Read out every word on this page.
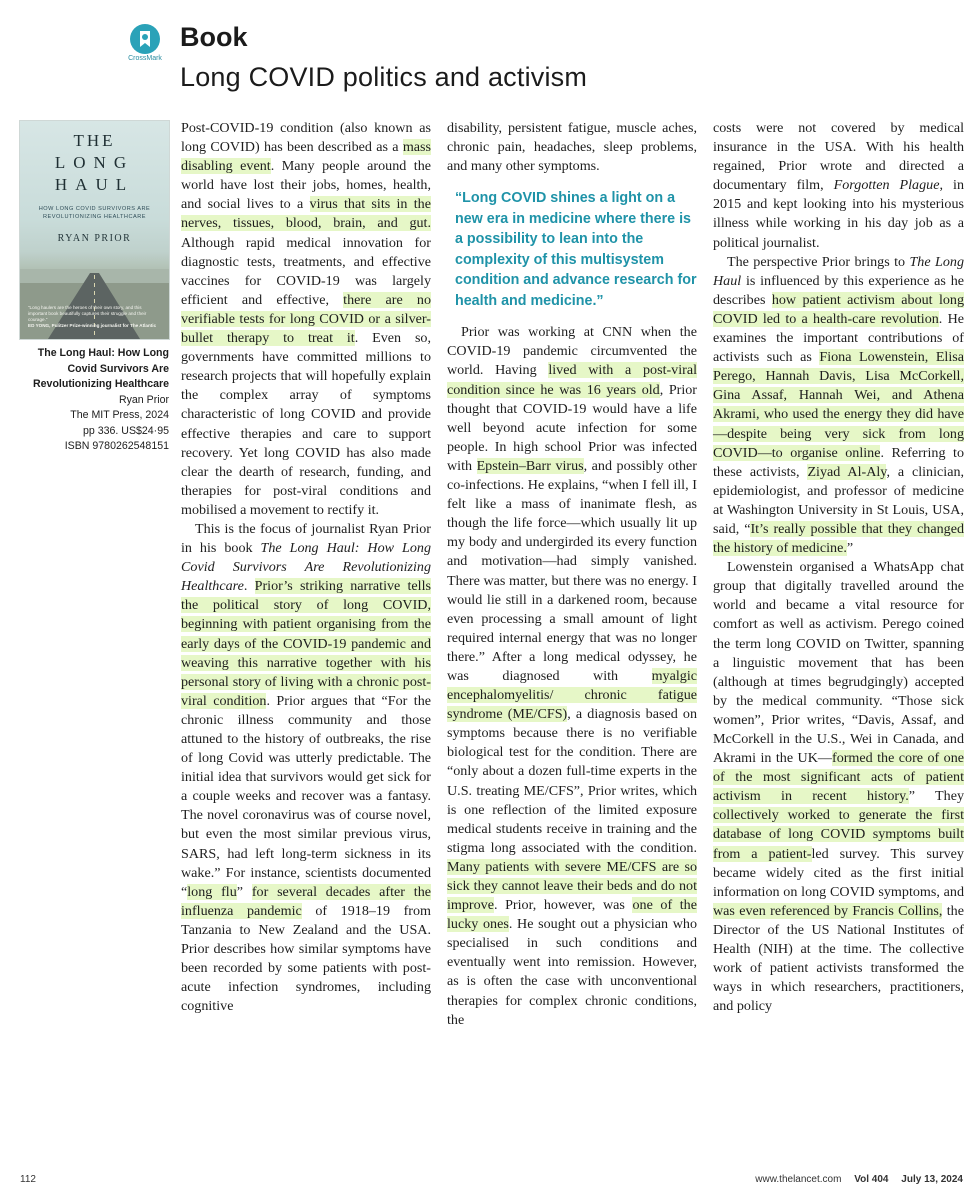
CrossMark
Book
Long COVID politics and activism
THE
LONG
HAUL
HOW LONG COVID SURVIVORS ARE REVOLUTIONIZING HEALTHCARE
RYAN PRIOR
“Long haulers are the heroes of their own story, and this important book beautifully captures their struggle and their courage.”
ED YONG, Pulitzer Prize-winning journalist for The Atlantic
The Long Haul: How Long Covid Survivors Are Revolutionizing Healthcare
Ryan Prior
The MIT Press, 2024
pp 336. US$24·95
ISBN 9780262548151

Post-COVID-19 condition (also known as long COVID) has been described as a mass disabling event. Many people around the world have lost their jobs, homes, health, and social lives to a virus that sits in the nerves, tissues, blood, brain, and gut. Although rapid medical innovation for diagnostic tests, treatments, and effective vaccines for COVID-19 was largely efficient and effective, there are no verifiable tests for long COVID or a silver-bullet therapy to treat it. Even so, governments have committed millions to research projects that will hopefully explain the complex array of symptoms characteristic of long COVID and provide effective therapies and care to support recovery. Yet long COVID has also made clear the dearth of research, funding, and therapies for post-viral conditions and mobilised a movement to rectify it.

This is the focus of journalist Ryan Prior in his book The Long Haul: How Long Covid Survivors Are Revolutionizing Healthcare. Prior’s striking narrative tells the political story of long COVID, beginning with patient organising from the early days of the COVID-19 pandemic and weaving this narrative together with his personal story of living with a chronic post-viral condition. Prior argues that “For the chronic illness community and those attuned to the history of outbreaks, the rise of long Covid was utterly predictable. The initial idea that survivors would get sick for a couple weeks and recover was a fantasy. The novel coronavirus was of course novel, but even the most similar previous virus, SARS, had left long-term sickness in its wake.” For instance, scientists documented “long flu” for several decades after the influenza pandemic of 1918–19 from Tanzania to New Zealand and the USA. Prior describes how similar symptoms have been recorded by some patients with post-acute infection syndromes, including cognitive

disability, persistent fatigue, muscle aches, chronic pain, headaches, sleep problems, and many other symptoms.

“Long COVID shines a light on a new era in medicine where there is a possibility to lean into the complexity of this multisystem condition and advance research for health and medicine.”

Prior was working at CNN when the COVID-19 pandemic circumvented the world. Having lived with a post-viral condition since he was 16 years old, Prior thought that COVID-19 would have a life well beyond acute infection for some people. In high school Prior was infected with Epstein–Barr virus, and possibly other co-infections. He explains, “when I fell ill, I felt like a mass of inanimate flesh, as though the life force—which usually lit up my body and undergirded its every function and motivation—had simply vanished. There was matter, but there was no energy. I would lie still in a darkened room, because even processing a small amount of light required internal energy that was no longer there.” After a long medical odyssey, he was diagnosed with myalgic encephalomyelitis/ chronic fatigue syndrome (ME/CFS), a diagnosis based on symptoms because there is no verifiable biological test for the condition. There are “only about a dozen full-time experts in the U.S. treating ME/CFS”, Prior writes, which is one reflection of the limited exposure medical students receive in training and the stigma long associated with the condition. Many patients with severe ME/CFS are so sick they cannot leave their beds and do not improve. Prior, however, was one of the lucky ones. He sought out a physician who specialised in such conditions and eventually went into remission. However, as is often the case with unconventional therapies for complex chronic conditions, the

costs were not covered by medical insurance in the USA. With his health regained, Prior wrote and directed a documentary film, Forgotten Plague, in 2015 and kept looking into his mysterious illness while working in his day job as a political journalist.

The perspective Prior brings to The Long Haul is influenced by this experience as he describes how patient activism about long COVID led to a health-care revolution. He examines the important contributions of activists such as Fiona Lowenstein, Elisa Perego, Hannah Davis, Lisa McCorkell, Gina Assaf, Hannah Wei, and Athena Akrami, who used the energy they did have—despite being very sick from long COVID—to organise online. Referring to these activists, Ziyad Al-Aly, a clinician, epidemiologist, and professor of medicine at Washington University in St Louis, USA, said, “It’s really possible that they changed the history of medicine.”

Lowenstein organised a WhatsApp chat group that digitally travelled around the world and became a vital resource for comfort as well as activism. Perego coined the term long COVID on Twitter, spanning a linguistic movement that has been (although at times begrudgingly) accepted by the medical community. “Those sick women”, Prior writes, “Davis, Assaf, and McCorkell in the U.S., Wei in Canada, and Akrami in the UK—formed the core of one of the most significant acts of patient activism in recent history.” They collectively worked to generate the first database of long COVID symptoms built from a patient-led survey. This survey became widely cited as the first initial information on long COVID symptoms, and was even referenced by Francis Collins, the Director of the US National Institutes of Health (NIH) at the time. The collective work of patient activists transformed the ways in which researchers, practitioners, and policy

112	www.thelancet.com Vol 404 July 13, 2024
